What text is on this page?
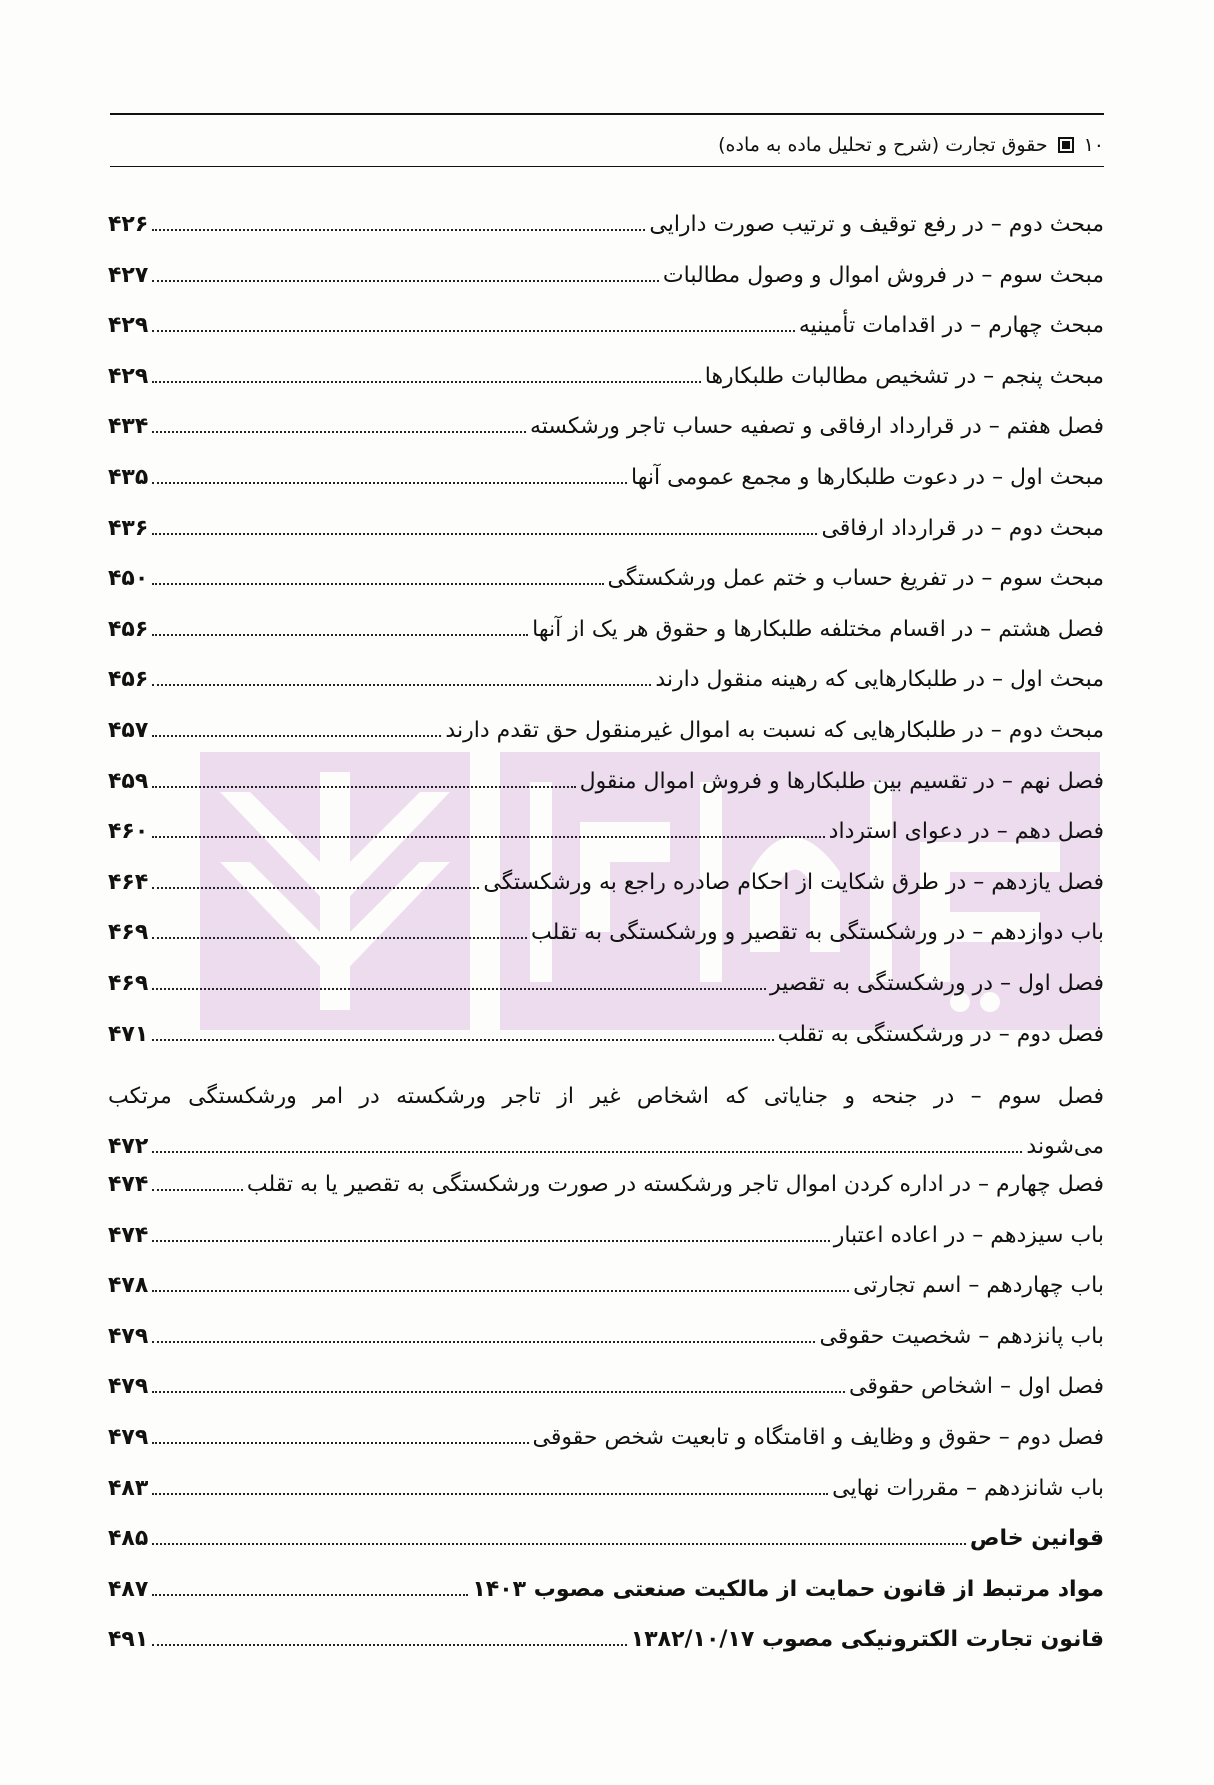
۱۰
حقوق تجارت (شرح و تحلیل ماده به ماده)
مبحث دوم – در رفع توقیف و ترتیب صورت دارایی
۴۲۶
مبحث سوم – در فروش اموال و وصول مطالبات
۴۲۷
مبحث چهارم – در اقدامات تأمینیه
۴۲۹
مبحث پنجم – در تشخیص مطالبات طلبکارها
۴۲۹
فصل هفتم – در قرارداد ارفاقی و تصفیه حساب تاجر ورشکسته
۴۳۴
مبحث اول – در دعوت طلبکارها و مجمع عمومی آنها
۴۳۵
مبحث دوم – در قرارداد ارفاقی
۴۳۶
مبحث سوم – در تفریغ حساب و ختم عمل ورشکستگی
۴۵۰
فصل هشتم – در اقسام مختلفه طلبکارها و حقوق هر یک از آنها
۴۵۶
مبحث اول – در طلبکارهایی که رهینه منقول دارند
۴۵۶
مبحث دوم – در طلبکارهایی که نسبت به اموال غیرمنقول حق تقدم دارند
۴۵۷
فصل نهم – در تقسیم بین طلبکارها و فروش اموال منقول
۴۵۹
فصل دهم – در دعوای استرداد
۴۶۰
فصل یازدهم – در طرق شکایت از احکام صادره راجع به ورشکستگی
۴۶۴
باب دوازدهم – در ورشکستگی به تقصیر و ورشکستگی به تقلب
۴۶۹
فصل اول – در ورشکستگی به تقصیر
۴۶۹
فصل دوم – در ورشکستگی به تقلب
۴۷۱
فصل سوم – در جنحه و جنایاتی که اشخاص غیر از تاجر ورشکسته در امر ورشکستگی مرتکب
می‌شوند
۴۷۲
فصل چهارم – در اداره کردن اموال تاجر ورشکسته در صورت ورشکستگی به تقصیر یا به تقلب
۴۷۴
باب سیزدهم – در اعاده اعتبار
۴۷۴
باب چهاردهم – اسم تجارتی
۴۷۸
باب پانزدهم – شخصیت حقوقی
۴۷۹
فصل اول – اشخاص حقوقی
۴۷۹
فصل دوم – حقوق و وظایف و اقامتگاه و تابعیت شخص حقوقی
۴۷۹
باب شانزدهم – مقررات نهایی
۴۸۳
قوانین خاص
۴۸۵
مواد مرتبط از قانون حمایت از مالکیت صنعتی مصوب ۱۴۰۳
۴۸۷
قانون تجارت الکترونیکی مصوب ۱۳۸۲/۱۰/۱۷
۴۹۱
